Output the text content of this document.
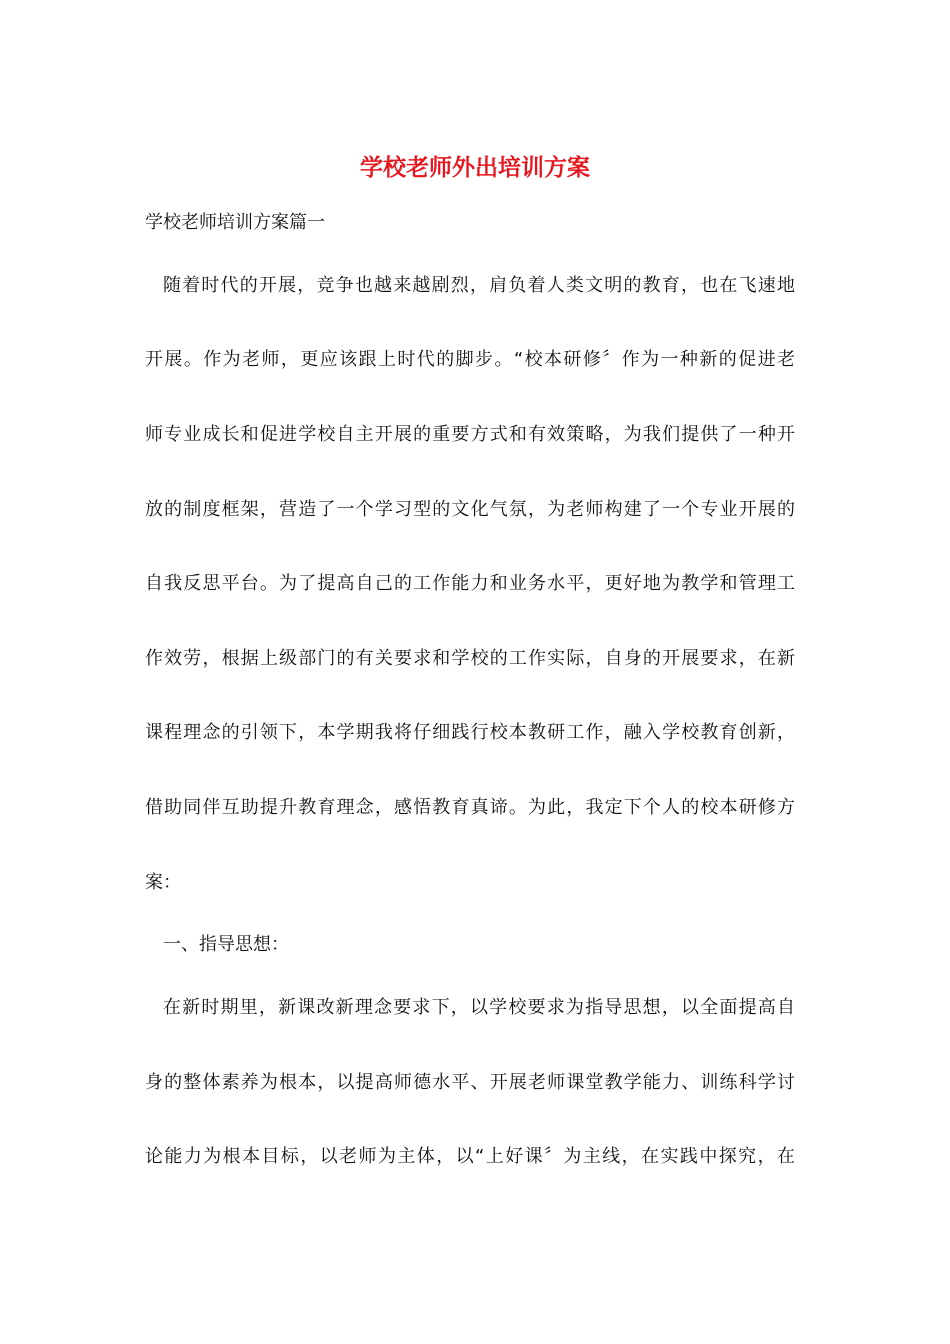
学校老师外出培训方案

学校老师培训方案篇一

随着时代的开展，竞争也越来越剧烈，肩负着人类文明的教育，也在飞速地
开展。作为老师，更应该跟上时代的脚步。“校本研修〞作为一种新的促进老
师专业成长和促进学校自主开展的重要方式和有效策略，为我们提供了一种开
放的制度框架，营造了一个学习型的文化气氛，为老师构建了一个专业开展的
自我反思平台。为了提高自己的工作能力和业务水平，更好地为教学和管理工
作效劳，根据上级部门的有关要求和学校的工作实际，自身的开展要求，在新
课程理念的引领下，本学期我将仔细践行校本教研工作，融入学校教育创新，
借助同伴互助提升教育理念，感悟教育真谛。为此，我定下个人的校本研修方
案：
一、指导思想：
在新时期里，新课改新理念要求下，以学校要求为指导思想，以全面提高自
身的整体素养为根本，以提高师德水平、开展老师课堂教学能力、训练科学讨
论能力为根本目标，以老师为主体，以“上好课〞为主线，在实践中探究，在
